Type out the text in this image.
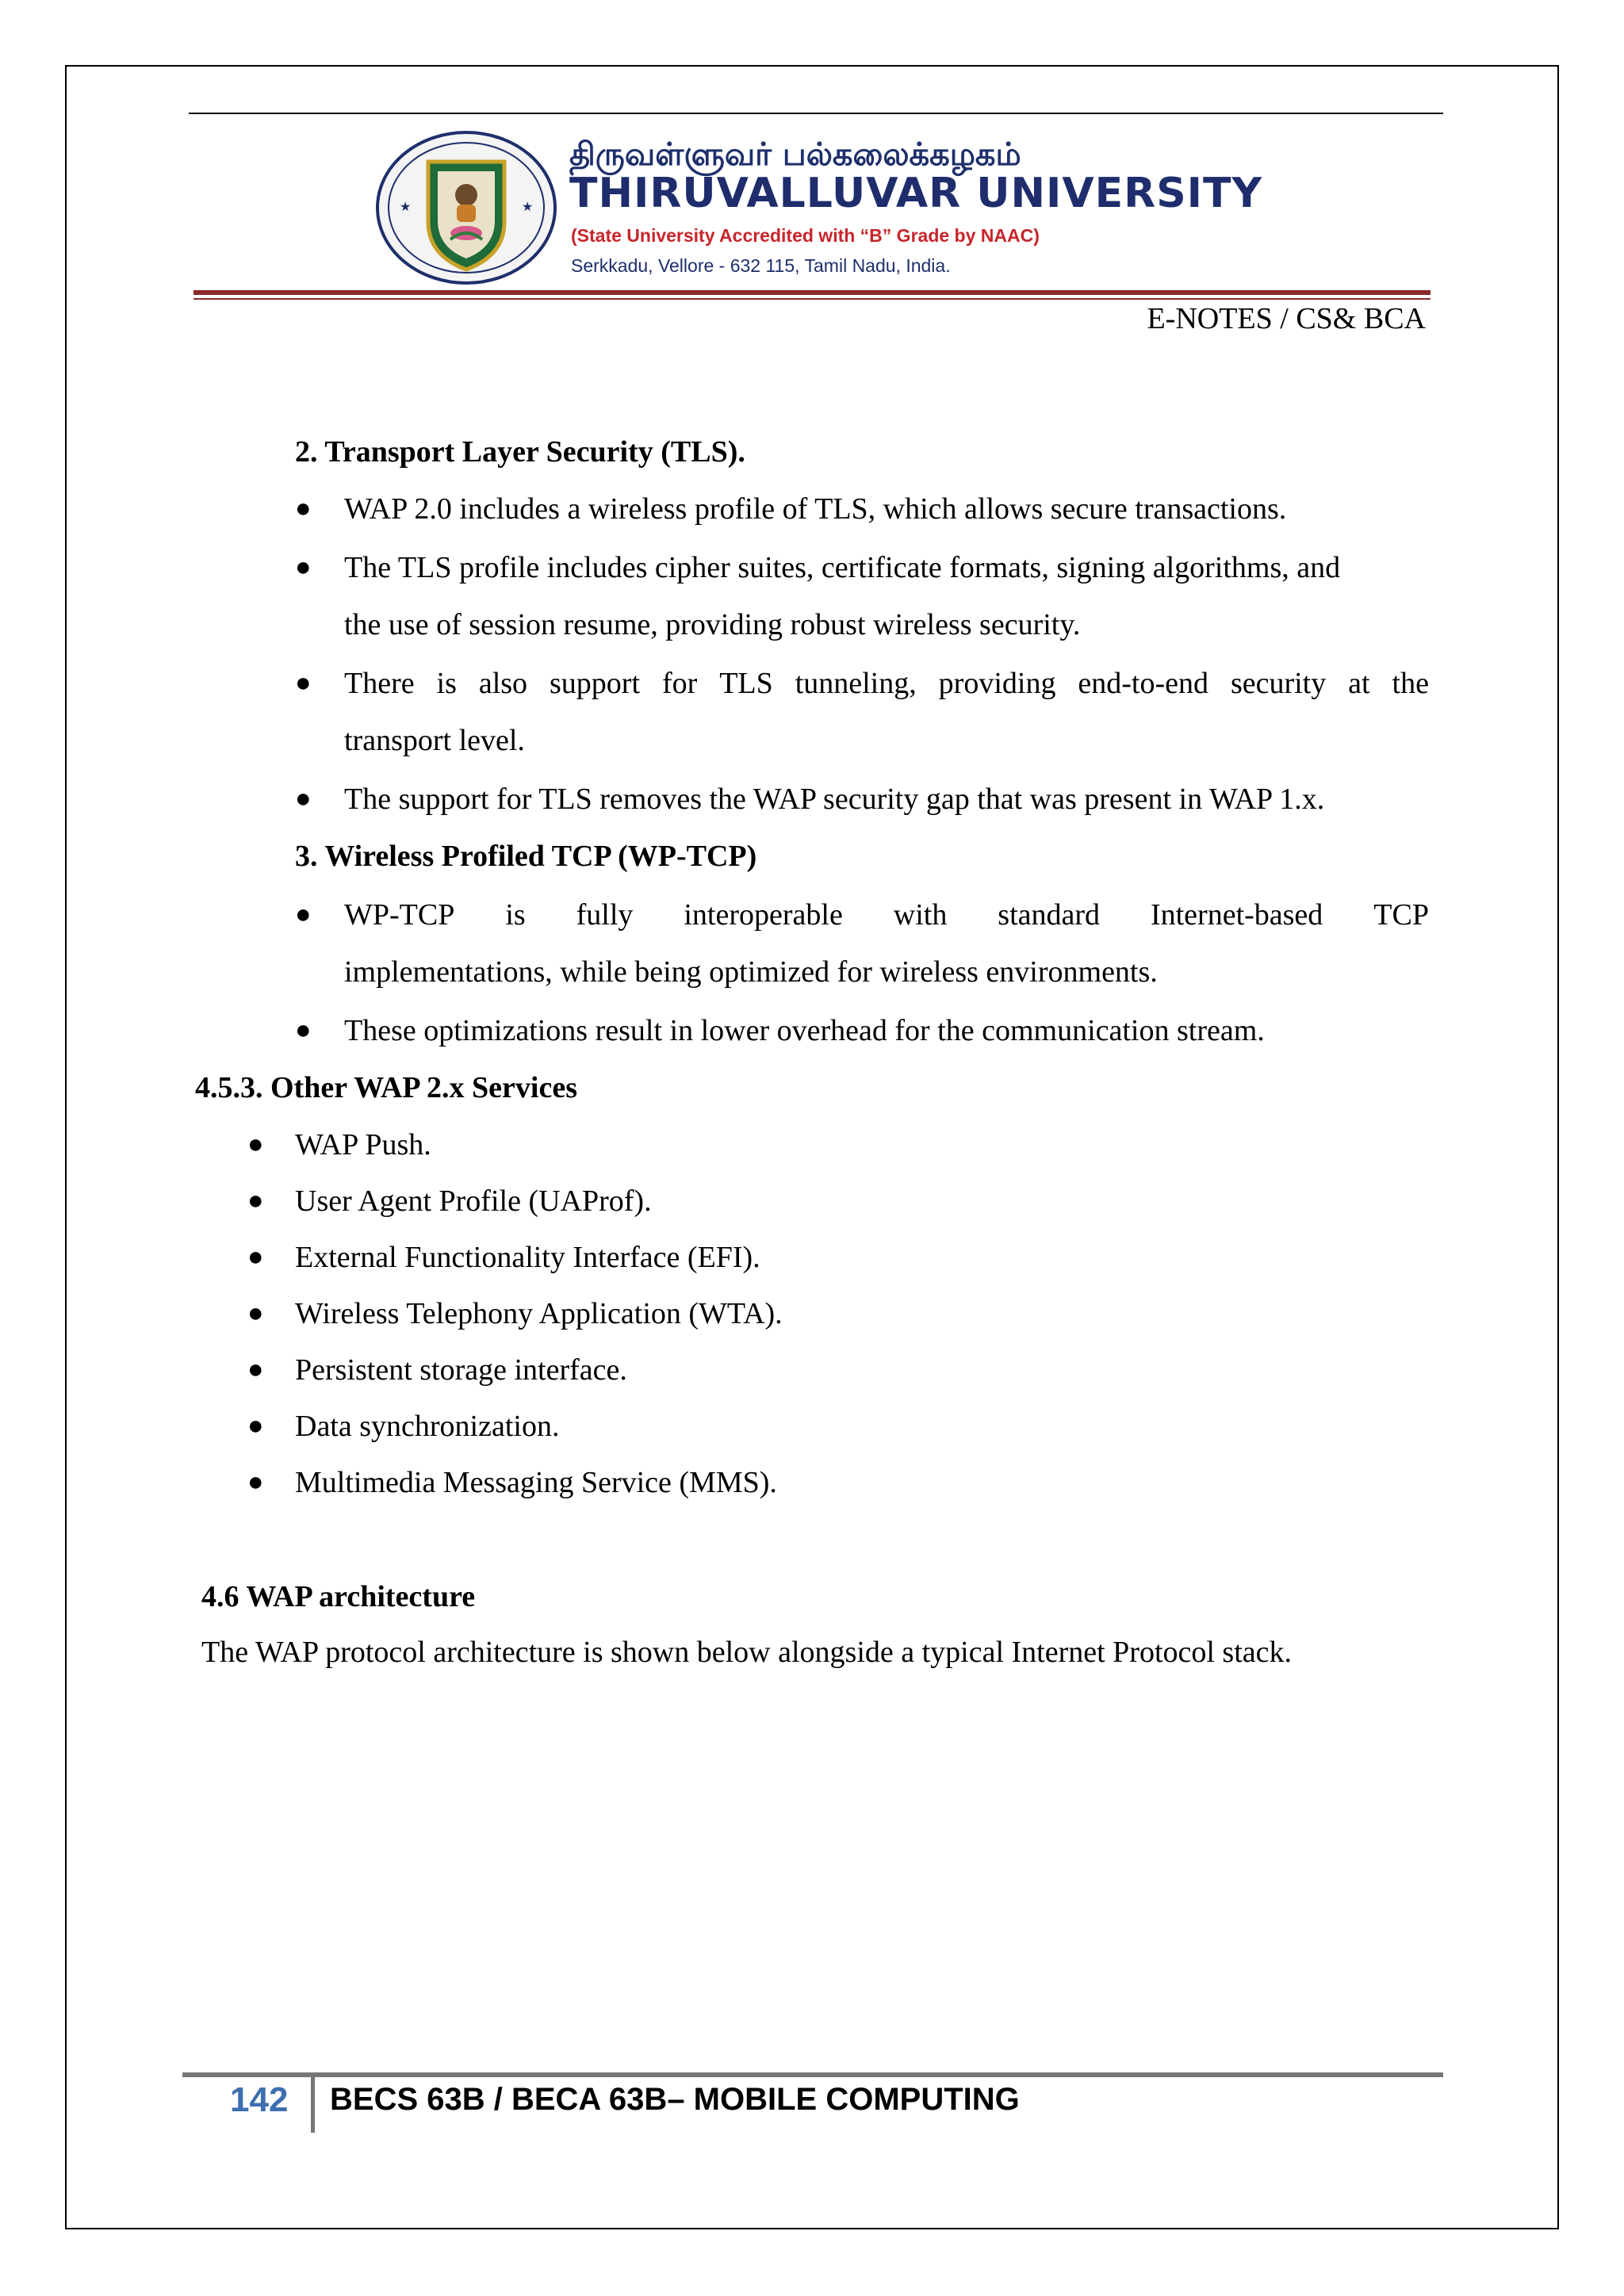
★	★
திருவள்ளுவர் பல்கலைக்கழகம்
THIRUVALLUVAR UNIVERSITY
(State University Accredited with “B” Grade by NAAC)
Serkkadu, Vellore - 632 115, Tamil Nadu, India.
E-NOTES / CS& BCA
2. Transport Layer Security (TLS).
● WAP 2.0 includes a wireless profile of TLS, which allows secure transactions.
● The TLS profile includes cipher suites, certificate formats, signing algorithms, and
the use of session resume, providing robust wireless security.
● There is also support for TLS tunneling, providing end-to-end security at the
transport level.
● The support for TLS removes the WAP security gap that was present in WAP 1.x.
3. Wireless Profiled TCP (WP-TCP)
● WP-TCP is fully interoperable with standard Internet-based TCP
implementations, while being optimized for wireless environments.
● These optimizations result in lower overhead for the communication stream.
4.5.3. Other WAP 2.x Services
● WAP Push.
● User Agent Profile (UAProf).
● External Functionality Interface (EFI).
● Wireless Telephony Application (WTA).
● Persistent storage interface.
● Data synchronization.
● Multimedia Messaging Service (MMS).
4.6 WAP architecture
The WAP protocol architecture is shown below alongside a typical Internet Protocol stack.
142 BECS 63B / BECA 63B– MOBILE COMPUTING
